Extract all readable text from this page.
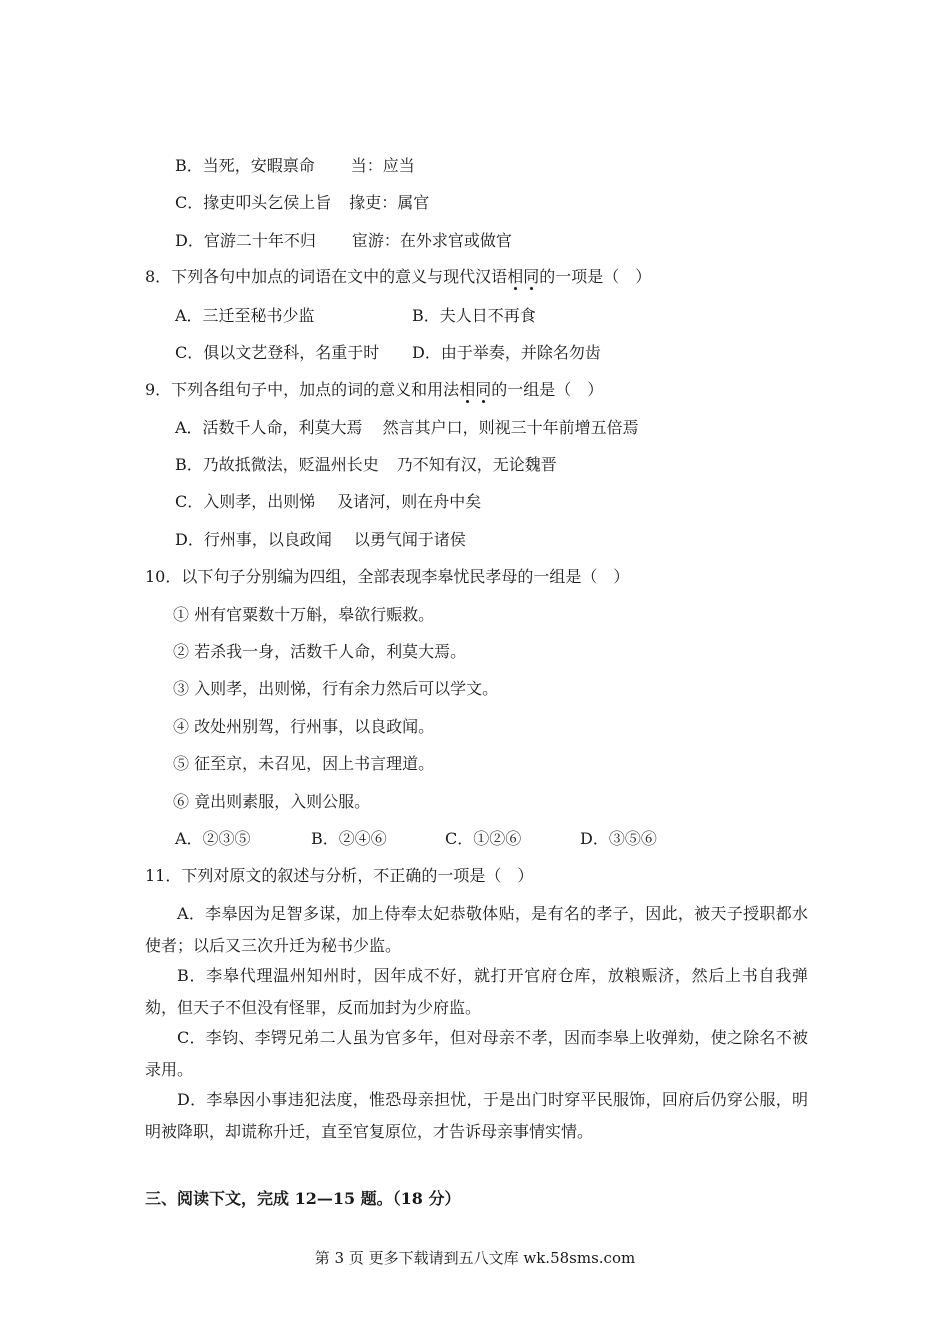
B．当死，安暇禀命 当：应当
C．掾吏叩头乞侯上旨 掾吏：属官
D．官游二十年不归 宦游：在外求官或做官
8．下列各句中加点的词语在文中的意义与现代汉语相同的一项是（　）
A．三迁至秘书少监	B．夫人日不再食
C．俱以文艺登科，名重于时 D．由于举奏，并除名勿齿
9．下列各组句子中，加点的词的意义和用法相同的一组是（　）
A．活数千人命，利莫大焉 然言其户口，则视三十年前增五倍焉
B．乃故抵微法，贬温州长史 乃不知有汉，无论魏晋
C．入则孝，出则悌 及诸河，则在舟中矣
D．行州事，以良政闻 以勇气闻于诸侯
10．以下句子分别编为四组，全部表现李皋忧民孝母的一组是（　）
① 州有官粟数十万斛，皋欲行赈救。
② 若杀我一身，活数千人命，利莫大焉。
③ 入则孝，出则悌，行有余力然后可以学文。
④ 改处州别驾，行州事，以良政闻。
⑤ 征至京，未召见，因上书言理道。
⑥ 竟出则素服，入则公服。
A．②③⑤	B．②④⑥	C．①②⑥	D．③⑤⑥
11．下列对原文的叙述与分析，不正确的一项是（　）
A．李皋因为足智多谋，加上侍奉太妃恭敬体贴，是有名的孝子，因此，被天子授职都水使者；以后又三次升迁为秘书少监。
B．李皋代理温州知州时，因年成不好，就打开官府仓库，放粮赈济，然后上书自我弹劾，但天子不但没有怪罪，反而加封为少府监。
C．李钧、李锷兄弟二人虽为官多年，但对母亲不孝，因而李皋上收弹劾，使之除名不被录用。
D．李皋因小事违犯法度，惟恐母亲担忧，于是出门时穿平民服饰，回府后仍穿公服，明明被降职，却谎称升迁，直至官复原位，才告诉母亲事情实情。
三、阅读下文，完成 12—15 题。（18 分）
第 3 页 更多下载请到五八文库 wk.58sms.com
